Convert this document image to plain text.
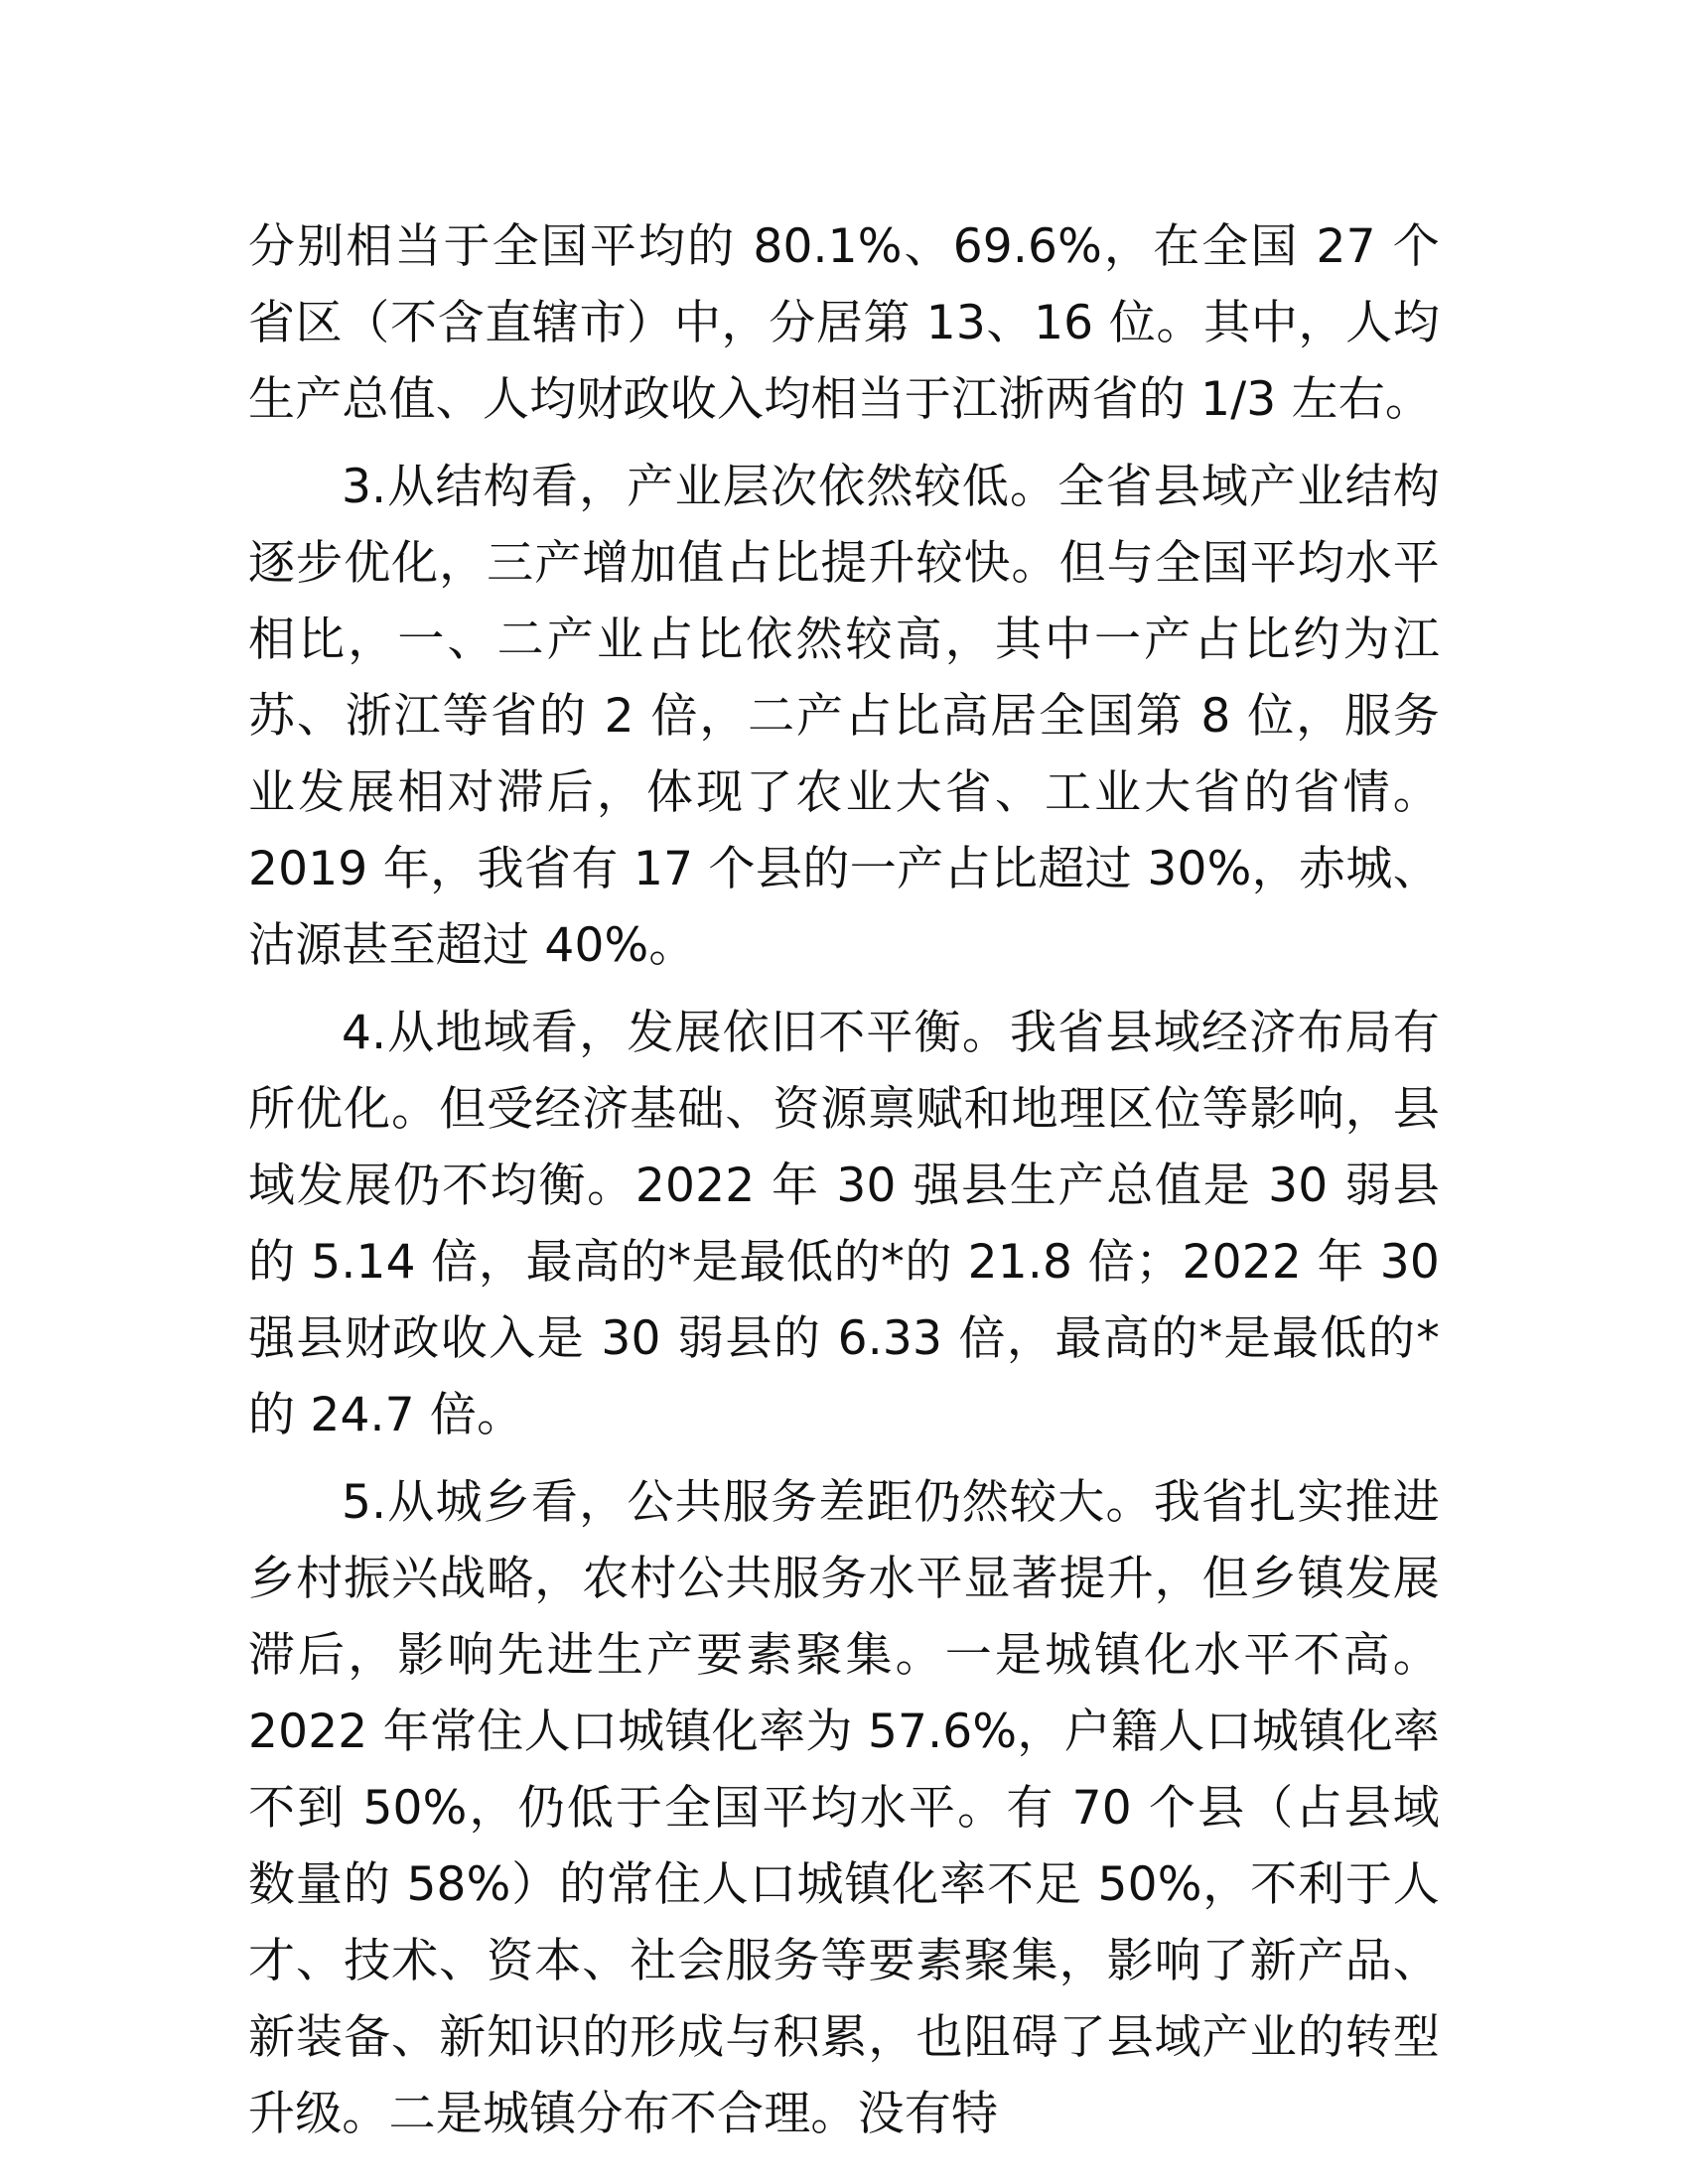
分别相当于全国平均的 80.1%、69.6%，在全国 27 个省区（不含直辖市）中，分居第 13、16 位。其中，人均生产总值、人均财政收入均相当于江浙两省的 1/3 左右。

3.从结构看，产业层次依然较低。全省县域产业结构逐步优化，三产增加值占比提升较快。但与全国平均水平相比，一、二产业占比依然较高，其中一产占比约为江苏、浙江等省的 2 倍，二产占比高居全国第 8 位，服务业发展相对滞后，体现了农业大省、工业大省的省情。2019 年，我省有 17 个县的一产占比超过 30%，赤城、沽源甚至超过 40%。

4.从地域看，发展依旧不平衡。我省县域经济布局有所优化。但受经济基础、资源禀赋和地理区位等影响，县域发展仍不均衡。2022 年 30 强县生产总值是 30 弱县的 5.14 倍，最高的*是最低的*的 21.8 倍；2022 年 30 强县财政收入是 30 弱县的 6.33 倍，最高的*是最低的*的 24.7 倍。

5.从城乡看，公共服务差距仍然较大。我省扎实推进乡村振兴战略，农村公共服务水平显著提升，但乡镇发展滞后，影响先进生产要素聚集。一是城镇化水平不高。2022 年常住人口城镇化率为 57.6%，户籍人口城镇化率不到 50%，仍低于全国平均水平。有 70 个县（占县域数量的 58%）的常住人口城镇化率不足 50%，不利于人才、技术、资本、社会服务等要素聚集，影响了新产品、新装备、新知识的形成与积累，也阻碍了县域产业的转型升级。二是城镇分布不合理。没有特
